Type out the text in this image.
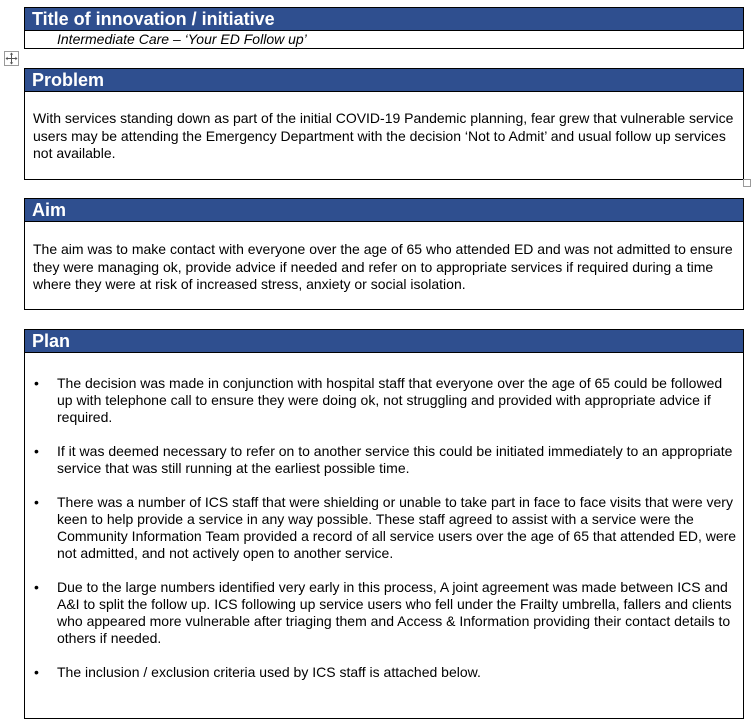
Title of innovation / initiative
Intermediate Care – ‘Your ED Follow up’
Problem
With services standing down as part of the initial COVID-19 Pandemic planning, fear grew that vulnerable service users may be attending the Emergency Department with the decision ‘Not to Admit’ and usual follow up services not available.
Aim
The aim was to make contact with everyone over the age of 65 who attended ED and was not admitted to ensure they were managing ok, provide advice if needed and refer on to appropriate services if required during a time where they were at risk of increased stress, anxiety or social isolation.
Plan
• The decision was made in conjunction with hospital staff that everyone over the age of 65 could be followed up with telephone call to ensure they were doing ok, not struggling and provided with appropriate advice if required.
• If it was deemed necessary to refer on to another service this could be initiated immediately to an appropriate service that was still running at the earliest possible time.
• There was a number of ICS staff that were shielding or unable to take part in face to face visits that were very keen to help provide a service in any way possible. These staff agreed to assist with a service were the Community Information Team provided a record of all service users over the age of 65 that attended ED, were not admitted, and not actively open to another service.
• Due to the large numbers identified very early in this process, A joint agreement was made between ICS and A&I to split the follow up. ICS following up service users who fell under the Frailty umbrella, fallers and clients who appeared more vulnerable after triaging them and Access & Information providing their contact details to others if needed.
• The inclusion / exclusion criteria used by ICS staff is attached below.
